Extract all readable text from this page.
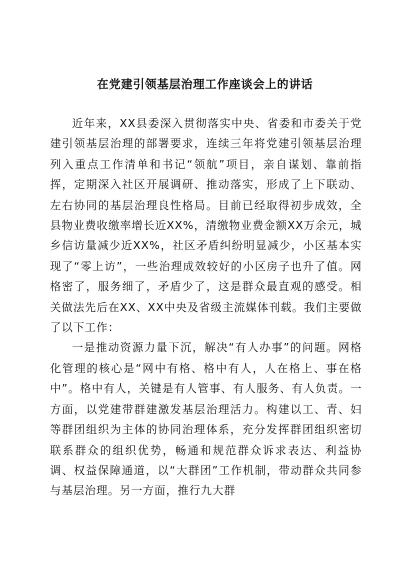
在党建引领基层治理工作座谈会上的讲话

近年来，XX县委深入贯彻落实中央、省委和市委关于党建引领基层治理的部署要求，连续三年将党建引领基层治理列入重点工作清单和书记“领航”项目，亲自谋划、靠前指挥，定期深入社区开展调研、推动落实，形成了上下联动、左右协同的基层治理良性格局。目前已经取得初步成效，全县物业费收缴率增长近XX%，清缴物业费金额XX万余元，城乡信访量减少近XX%，社区矛盾纠纷明显减少，小区基本实现了“零上访”，一些治理成效较好的小区房子也升了值。网格密了，服务细了，矛盾少了，这是群众最直观的感受。相关做法先后在XX、XX中央及省级主流媒体刊载。我们主要做了以下工作：

一是推动资源力量下沉，解决“有人办事”的问题。网格化管理的核心是“网中有格、格中有人，人在格上、事在格中”。格中有人，关键是有人管事、有人服务、有人负责。一方面，以党建带群建激发基层治理活力。构建以工、青、妇等群团组织为主体的协同治理体系，充分发挥群团组织密切联系群众的组织优势，畅通和规范群众诉求表达、利益协调、权益保障通道，以“大群团”工作机制，带动群众共同参与基层治理。另一方面，推行九大群
